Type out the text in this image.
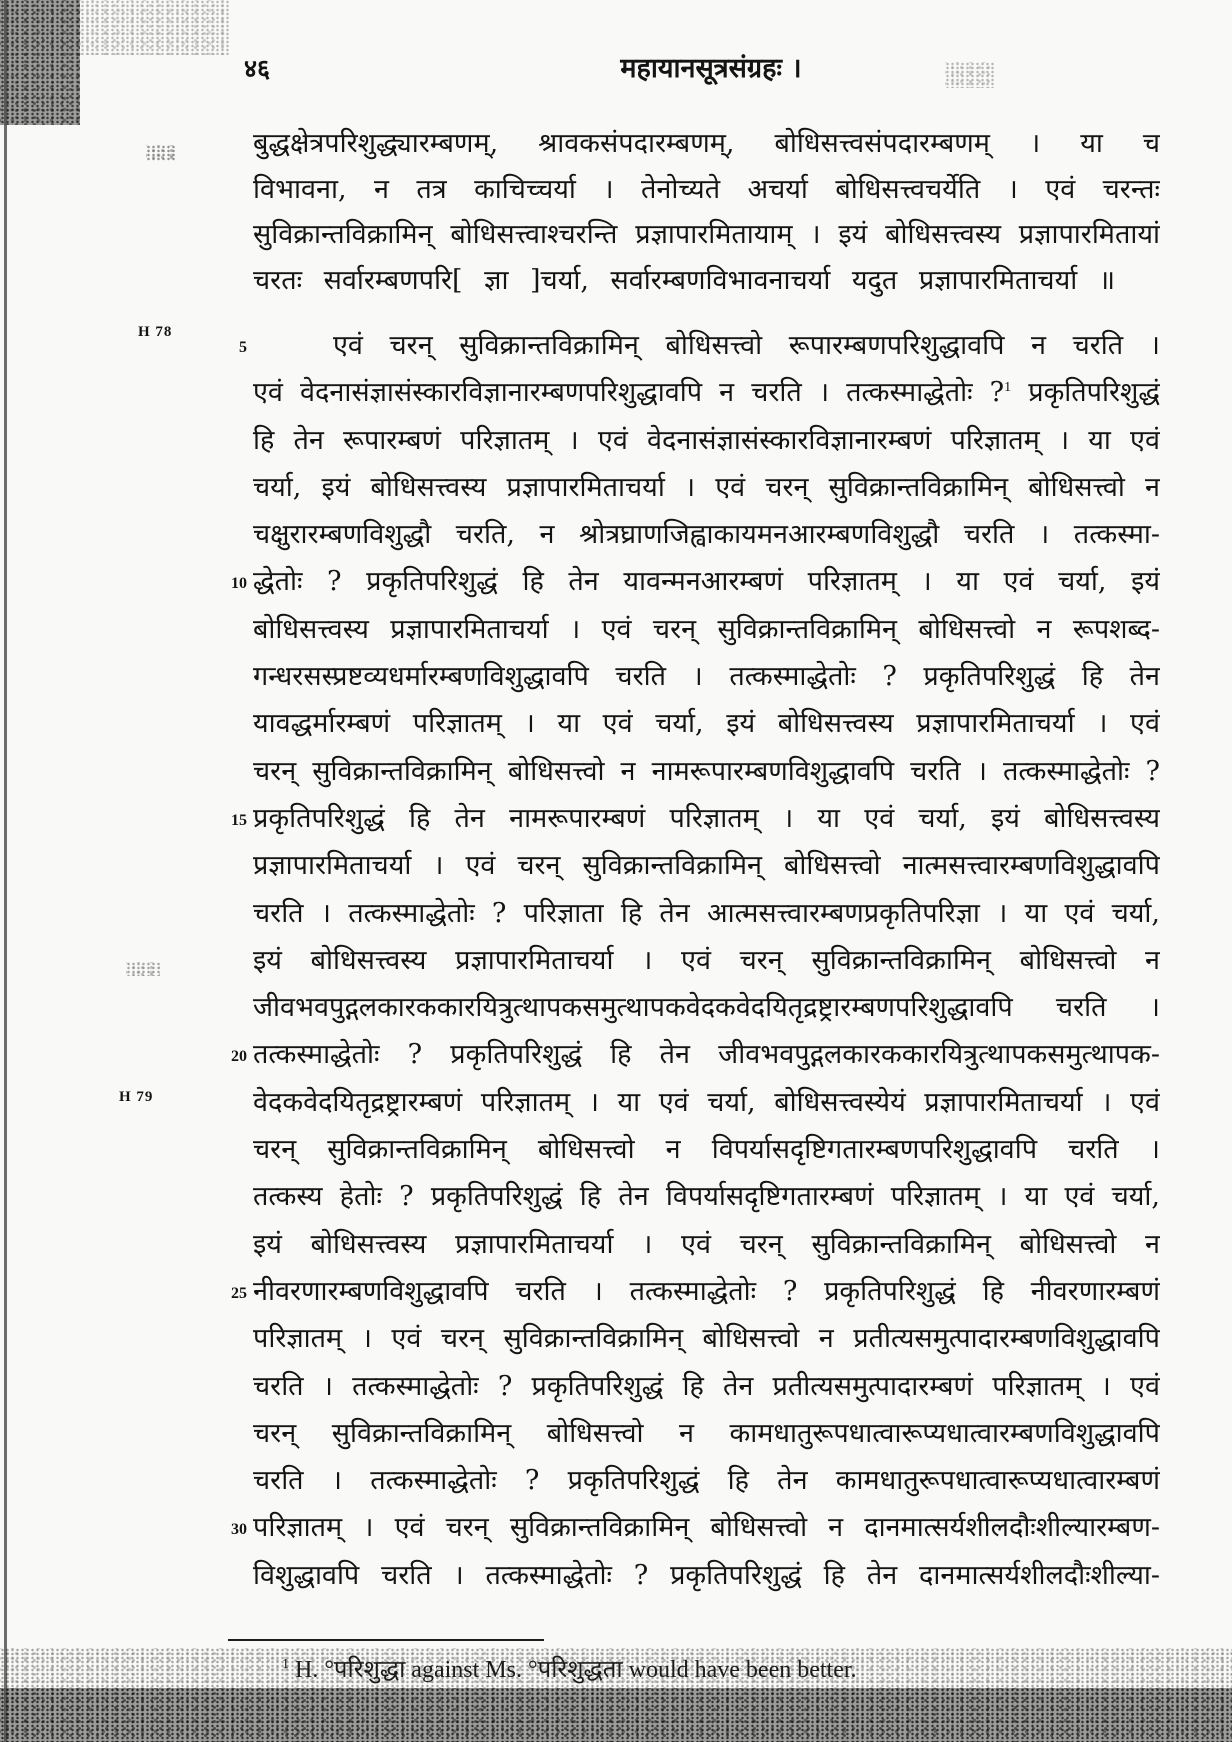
४६	महायानसूत्रसंग्रहः ।
बुद्धक्षेत्रपरिशुद्ध्यारम्बणम्, श्रावकसंपदारम्बणम्, बोधिसत्त्वसंपदारम्बणम् । या च
विभावना, न तत्र काचिच्चर्या । तेनोच्यते अचर्या बोधिसत्त्वचर्येति । एवं चरन्तः
सुविक्रान्तविक्रामिन् बोधिसत्त्वाश्चरन्ति प्रज्ञापारमितायाम् । इयं बोधिसत्त्वस्य प्रज्ञापारमितायां
चरतः सर्वारम्बणपरि[ ज्ञा ]चर्या, सर्वारम्बणविभावनाचर्या यदुत प्रज्ञापारमिताचर्या ॥
H 78
5	एवं चरन् सुविक्रान्तविक्रामिन् बोधिसत्त्वो रूपारम्बणपरिशुद्धावपि न चरति ।
एवं वेदनासंज्ञासंस्कारविज्ञानारम्बणपरिशुद्धावपि न चरति । तत्कस्माद्धेतोः ?$^1$ प्रकृतिपरिशुद्धं
हि तेन रूपारम्बणं परिज्ञातम् । एवं वेदनासंज्ञासंस्कारविज्ञानारम्बणं परिज्ञातम् । या एवं
चर्या, इयं बोधिसत्त्वस्य प्रज्ञापारमिताचर्या । एवं चरन् सुविक्रान्तविक्रामिन् बोधिसत्त्वो न
चक्षुरारम्बणविशुद्धौ चरति, न श्रोत्रघ्राणजिह्वाकायमनआरम्बणविशुद्धौ चरति । तत्कस्मा-
10 द्धेतोः ? प्रकृतिपरिशुद्धं हि तेन यावन्मनआरम्बणं परिज्ञातम् । या एवं चर्या, इयं
बोधिसत्त्वस्य प्रज्ञापारमिताचर्या । एवं चरन् सुविक्रान्तविक्रामिन् बोधिसत्त्वो न रूपशब्द-
गन्धरसस्प्रष्टव्यधर्मारम्बणविशुद्धावपि चरति । तत्कस्माद्धेतोः ? प्रकृतिपरिशुद्धं हि तेन
यावद्धर्मारम्बणं परिज्ञातम् । या एवं चर्या, इयं बोधिसत्त्वस्य प्रज्ञापारमिताचर्या । एवं
चरन् सुविक्रान्तविक्रामिन् बोधिसत्त्वो न नामरूपारम्बणविशुद्धावपि चरति । तत्कस्माद्धेतोः ?
15 प्रकृतिपरिशुद्धं हि तेन नामरूपारम्बणं परिज्ञातम् । या एवं चर्या, इयं बोधिसत्त्वस्य
प्रज्ञापारमिताचर्या । एवं चरन् सुविक्रान्तविक्रामिन् बोधिसत्त्वो नात्मसत्त्वारम्बणविशुद्धावपि
चरति । तत्कस्माद्धेतोः ? परिज्ञाता हि तेन आत्मसत्त्वारम्बणप्रकृतिपरिज्ञा । या एवं चर्या,
इयं बोधिसत्त्वस्य प्रज्ञापारमिताचर्या । एवं चरन् सुविक्रान्तविक्रामिन् बोधिसत्त्वो न
जीवभवपुद्गलकारककारयित्रुत्थापकसमुत्थापकवेदकवेदयितृद्रष्ट्रारम्बणपरिशुद्धावपि चरति ।
20 तत्कस्माद्धेतोः ? प्रकृतिपरिशुद्धं हि तेन जीवभवपुद्गलकारककारयित्रुत्थापकसमुत्थापक-
H 79	वेदकवेदयितृद्रष्ट्रारम्बणं परिज्ञातम् । या एवं चर्या, बोधिसत्त्वस्येयं प्रज्ञापारमिताचर्या । एवं
चरन् सुविक्रान्तविक्रामिन् बोधिसत्त्वो न विपर्यासदृष्टिगतारम्बणपरिशुद्धावपि चरति ।
तत्कस्य हेतोः ? प्रकृतिपरिशुद्धं हि तेन विपर्यासदृष्टिगतारम्बणं परिज्ञातम् । या एवं चर्या,
इयं बोधिसत्त्वस्य प्रज्ञापारमिताचर्या । एवं चरन् सुविक्रान्तविक्रामिन् बोधिसत्त्वो न
25 नीवरणारम्बणविशुद्धावपि चरति । तत्कस्माद्धेतोः ? प्रकृतिपरिशुद्धं हि नीवरणारम्बणं
परिज्ञातम् । एवं चरन् सुविक्रान्तविक्रामिन् बोधिसत्त्वो न प्रतीत्यसमुत्पादारम्बणविशुद्धावपि
चरति । तत्कस्माद्धेतोः ? प्रकृतिपरिशुद्धं हि तेन प्रतीत्यसमुत्पादारम्बणं परिज्ञातम् । एवं
चरन् सुविक्रान्तविक्रामिन् बोधिसत्त्वो न कामधातुरूपधात्वारूप्यधात्वारम्बणविशुद्धावपि
चरति । तत्कस्माद्धेतोः ? प्रकृतिपरिशुद्धं हि तेन कामधातुरूपधात्वारूप्यधात्वारम्बणं
30 परिज्ञातम् । एवं चरन् सुविक्रान्तविक्रामिन् बोधिसत्त्वो न दानमात्सर्यशीलदौःशील्यारम्बण-
विशुद्धावपि चरति । तत्कस्माद्धेतोः ? प्रकृतिपरिशुद्धं हि तेन दानमात्सर्यशीलदौःशील्या-
$^1$ H. °परिशुद्धा against Ms. °परिशुद्धता would have been better.
